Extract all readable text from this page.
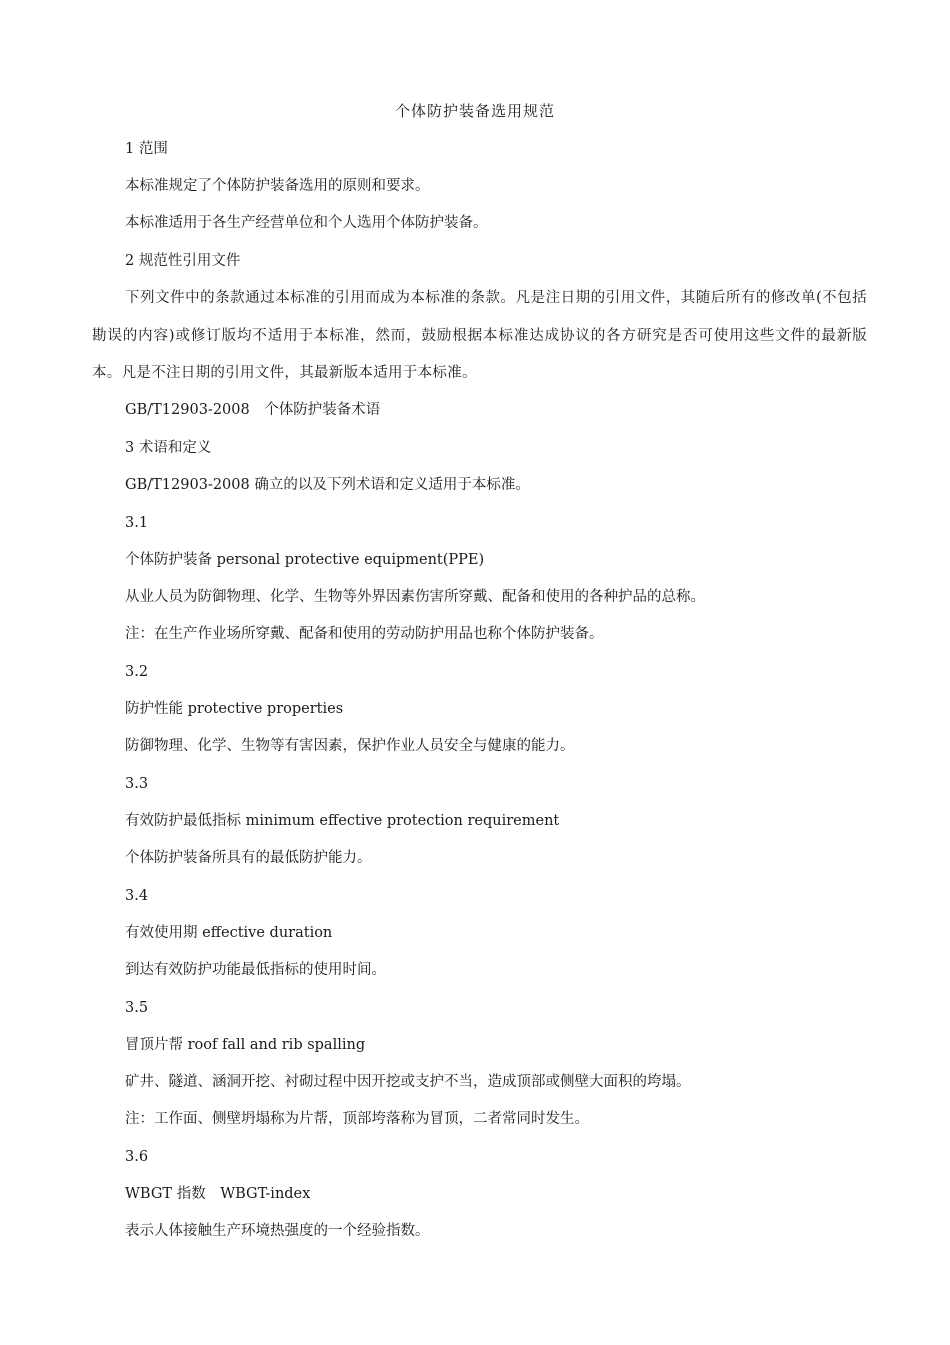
个体防护装备选用规范
1 范围
本标准规定了个体防护装备选用的原则和要求。
本标准适用于各生产经营单位和个人选用个体防护装备。
2 规范性引用文件
下列文件中的条款通过本标准的引用而成为本标准的条款。凡是注日期的引用文件，其随后所有的修改单(不包括勘误的内容)或修订版均不适用于本标准，然而，鼓励根据本标准达成协议的各方研究是否可使用这些文件的最新版本。凡是不注日期的引用文件，其最新版本适用于本标准。
GB/T12903-2008　个体防护装备术语
3 术语和定义
GB/T12903-2008 确立的以及下列术语和定义适用于本标准。
3.1
个体防护装备 personal protective equipment(PPE)
从业人员为防御物理、化学、生物等外界因素伤害所穿戴、配备和使用的各种护品的总称。
注：在生产作业场所穿戴、配备和使用的劳动防护用品也称个体防护装备。
3.2
防护性能 protective properties
防御物理、化学、生物等有害因素，保护作业人员安全与健康的能力。
3.3
有效防护最低指标 minimum effective protection requirement
个体防护装备所具有的最低防护能力。
3.4
有效使用期 effective duration
到达有效防护功能最低指标的使用时间。
3.5
冒顶片帮 roof fall and rib spalling
矿井、隧道、涵洞开挖、衬砌过程中因开挖或支护不当，造成顶部或侧壁大面积的垮塌。
注：工作面、侧壁坍塌称为片帮，顶部垮落称为冒顶，二者常同时发生。
3.6
WBGT 指数　WBGT-index
表示人体接触生产环境热强度的一个经验指数。
